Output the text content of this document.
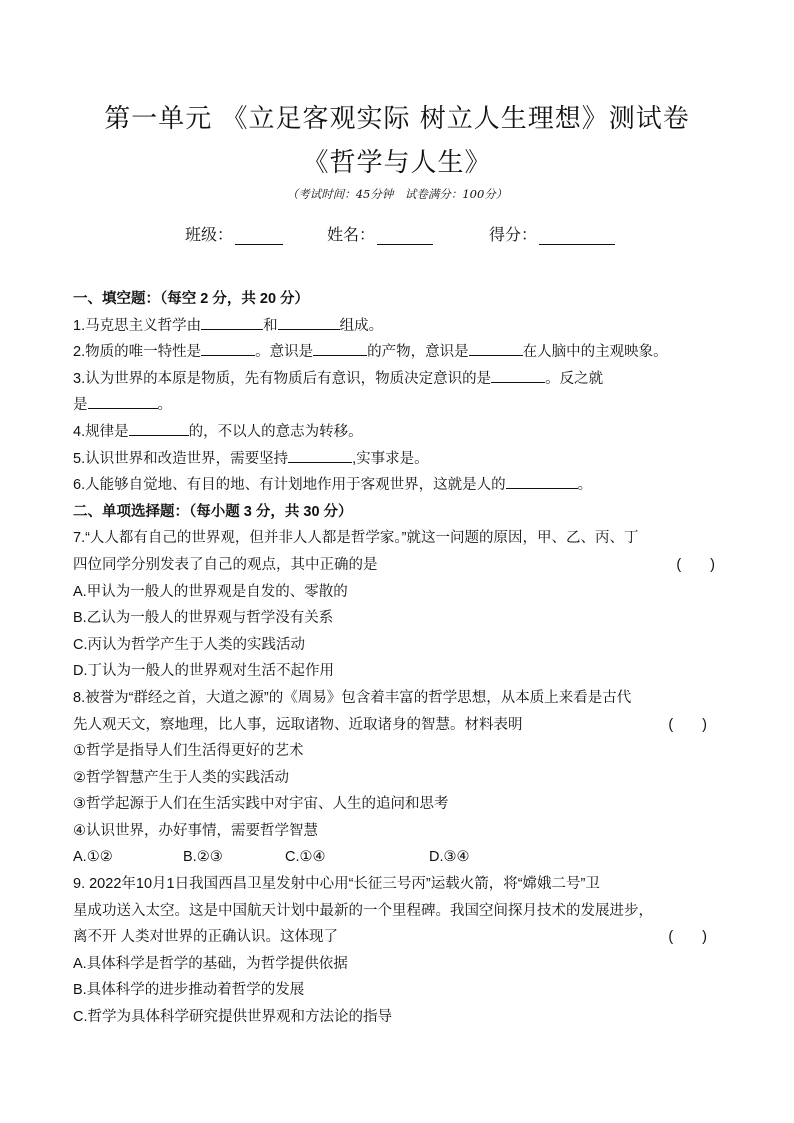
第一单元 《立足客观实际 树立人生理想》测试卷
《哲学与人生》
（考试时间：45分钟　试卷满分：100分）
班级：	姓名：	得分：
一、填空题：（每空 2 分，共 20 分）
1.马克思主义哲学由	和	组成。
2.物质的唯一特性是	。意识是	的产物，意识是	在人脑中的主观映象。
3.认为世界的本原是物质，先有物质后有意识，物质决定意识的是	。反之就
是	。
4.规律是	的，不以人的意志为转移。
5.认识世界和改造世界，需要坚持	,实事求是。
6.人能够自觉地、有目的地、有计划地作用于客观世界，这就是人的	。
二、单项选择题：（每小题 3 分，共 30 分）
7.“人人都有自己的世界观，但并非人人都是哲学家。”就这一问题的原因，甲、乙、丙、丁
四位同学分别发表了自己的观点，其中正确的是	(　　)
A.甲认为一般人的世界观是自发的、零散的
B.乙认为一般人的世界观与哲学没有关系
C.丙认为哲学产生于人类的实践活动
D.丁认为一般人的世界观对生活不起作用
8.被誉为“群经之首，大道之源”的《周易》包含着丰富的哲学思想，从本质上来看是古代
先人观天文，察地理，比人事，远取诸物、近取诸身的智慧。材料表明	(　　)
①哲学是指导人们生活得更好的艺术
②哲学智慧产生于人类的实践活动
③哲学起源于人们在生活实践中对宇宙、人生的追问和思考
④认识世界，办好事情，需要哲学智慧
A.①②	B.②③	C.①④	D.③④
9. 2022年10月1日我国西昌卫星发射中心用“长征三号丙”运载火箭，将“嫦娥二号”卫
星成功送入太空。这是中国航天计划中最新的一个里程碑。我国空间探月技术的发展进步，
离不开 人类对世界的正确认识。这体现了	(　　)
A.具体科学是哲学的基础，为哲学提供依据
B.具体科学的进步推动着哲学的发展
C.哲学为具体科学研究提供世界观和方法论的指导
